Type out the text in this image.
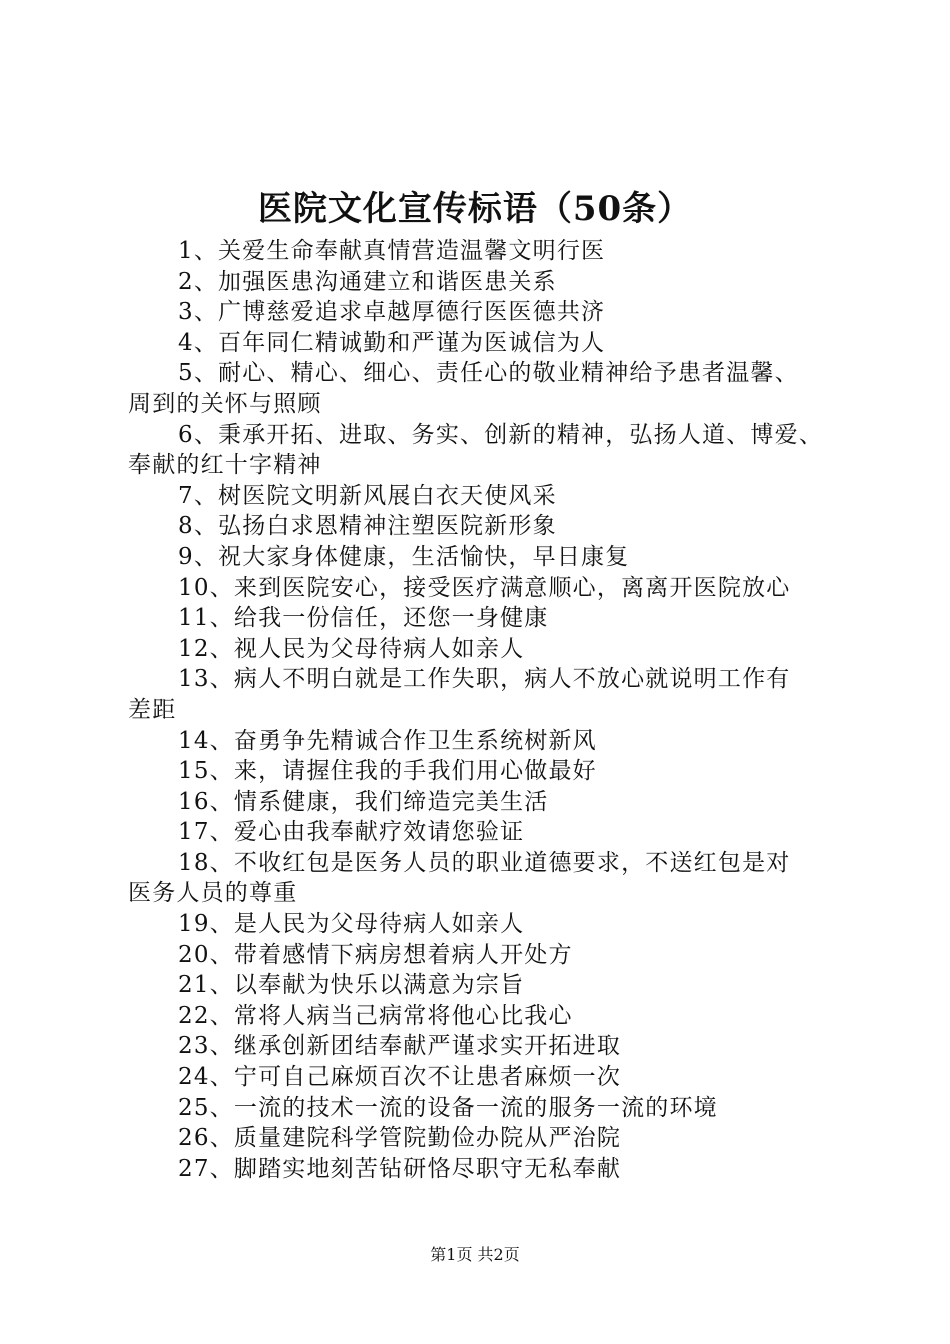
医院文化宣传标语（50条）

1、关爱生命奉献真情营造温馨文明行医

2、加强医患沟通建立和谐医患关系

3、广博慈爱追求卓越厚德行医医德共济

4、百年同仁精诚勤和严谨为医诚信为人

5、耐心、精心、细心、责任心的敬业精神给予患者温馨、
周到的关怀与照顾

6、秉承开拓、进取、务实、创新的精神，弘扬人道、博爱、
奉献的红十字精神

7、树医院文明新风展白衣天使风采

8、弘扬白求恩精神注塑医院新形象

9、祝大家身体健康，生活愉快，早日康复

10、来到医院安心，接受医疗满意顺心，离离开医院放心

11、给我一份信任，还您一身健康

12、视人民为父母待病人如亲人

13、病人不明白就是工作失职，病人不放心就说明工作有
差距

14、奋勇争先精诚合作卫生系统树新风

15、来，请握住我的手我们用心做最好

16、情系健康，我们缔造完美生活

17、爱心由我奉献疗效请您验证

18、不收红包是医务人员的职业道德要求，不送红包是对
医务人员的尊重

19、是人民为父母待病人如亲人

20、带着感情下病房想着病人开处方

21、以奉献为快乐以满意为宗旨

22、常将人病当己病常将他心比我心

23、继承创新团结奉献严谨求实开拓进取

24、宁可自己麻烦百次不让患者麻烦一次

25、一流的技术一流的设备一流的服务一流的环境

26、质量建院科学管院勤俭办院从严治院

27、脚踏实地刻苦钻研恪尽职守无私奉献

第1页 共2页
